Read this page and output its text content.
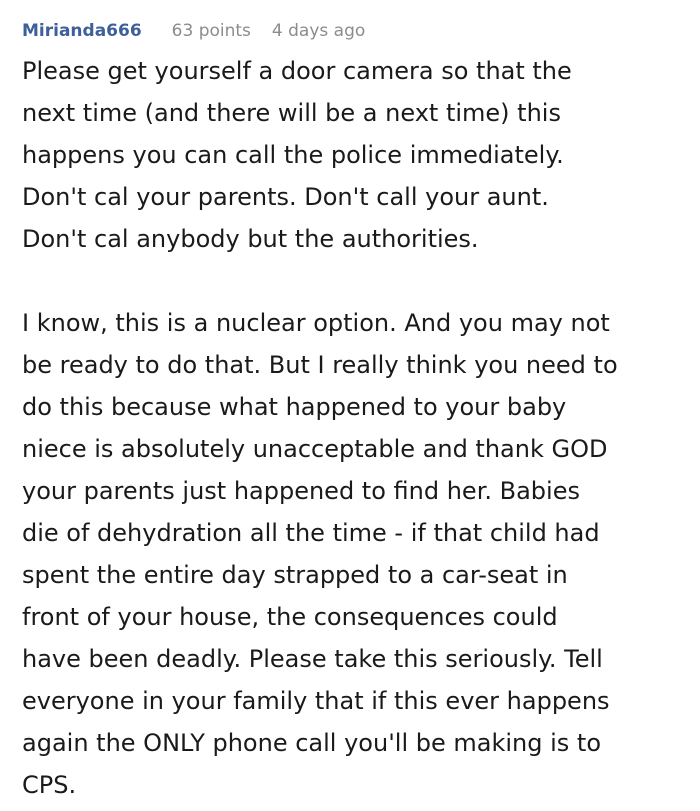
Mirianda666 63 points 4 days ago

Please get yourself a door camera so that the
next time (and there will be a next time) this
happens you can call the police immediately.
Don't cal your parents. Don't call your aunt.
Don't cal anybody but the authorities.

I know, this is a nuclear option. And you may not
be ready to do that. But I really think you need to
do this because what happened to your baby
niece is absolutely unacceptable and thank GOD
your parents just happened to find her. Babies
die of dehydration all the time - if that child had
spent the entire day strapped to a car-seat in
front of your house, the consequences could
have been deadly. Please take this seriously. Tell
everyone in your family that if this ever happens
again the ONLY phone call you'll be making is to
CPS.
